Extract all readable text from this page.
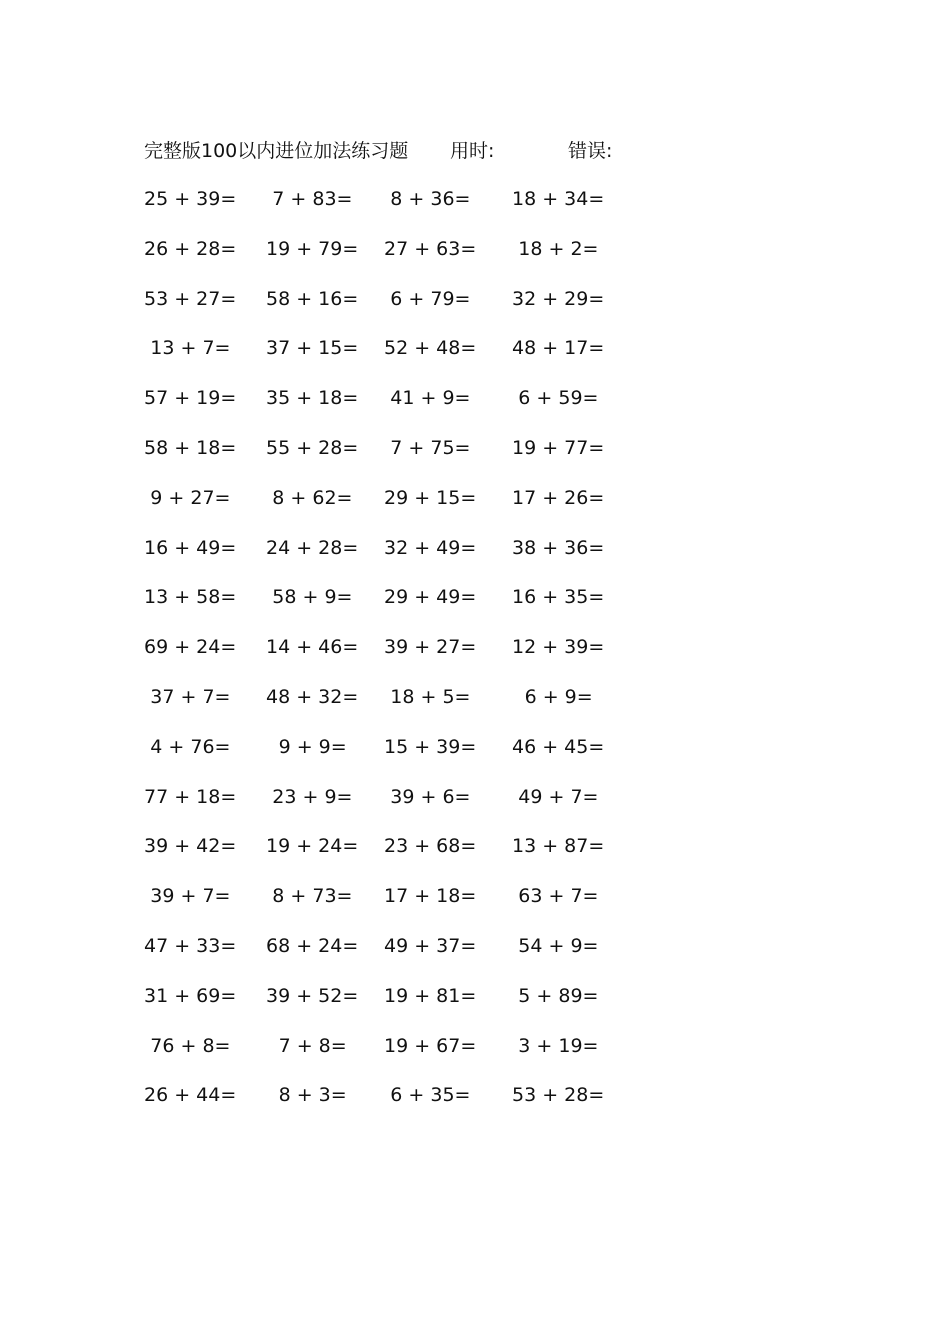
完整版100以内进位加法练习题 用时:	错误:
25 + 39= 7 + 83= 8 + 36= 18 + 34=
26 + 28= 19 + 79= 27 + 63= 18 + 2=
53 + 27= 58 + 16= 6 + 79= 32 + 29=
13 + 7= 37 + 15= 52 + 48= 48 + 17=
57 + 19= 35 + 18= 41 + 9=	6 + 59=
58 + 18= 55 + 28= 7 + 75= 19 + 77=
9 + 27= 8 + 62= 29 + 15= 17 + 26=
16 + 49= 24 + 28= 32 + 49= 38 + 36=
13 + 58= 58 + 9= 29 + 49= 16 + 35=
69 + 24= 14 + 46= 39 + 27= 12 + 39=
37 + 7= 48 + 32= 18 + 5=	6 + 9=
4 + 76=	9 + 9= 15 + 39= 46 + 45=
77 + 18= 23 + 9= 39 + 6=	49 + 7=
39 + 42= 19 + 24= 23 + 68= 13 + 87=
39 + 7= 8 + 73= 17 + 18= 63 + 7=
47 + 33= 68 + 24= 49 + 37= 54 + 9=
31 + 69= 39 + 52= 19 + 81= 5 + 89=
76 + 8=	7 + 8= 19 + 67= 3 + 19=
26 + 44= 8 + 3= 6 + 35= 53 + 28=
